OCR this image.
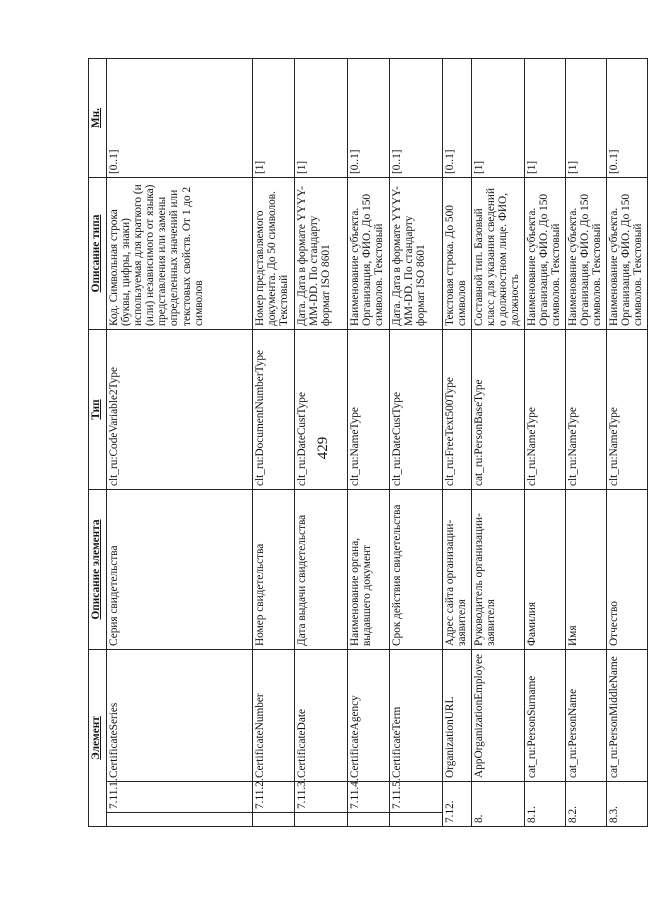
429
Элемент			Описание элемента	Тип	Описание типа	Мн.
	7.11.1.	CertificateSeries	Серия свидетельства	clt_ru:CodeVariable2Type	Код. Символьная строка (буквы, цифры, знаки) используемая для краткого (и (или) независимого от языка) представления или замены определенных значений или текстовых свойств. От 1 до 2 символов	[0..1]
	7.11.2.	CertificateNumber	Номер свидетельства	clt_ru:DocumentNumberType	Номер представляемого документа. До 50 символов. Текстовый	[1]
	7.11.3.	CertificateDate	Дата выдачи свидетельства	clt_ru:DateCustType	Дата. Дата в формате YYYY-MM-DD. По стандарту формат ISO 8601	[1]
	7.11.4.	CertificateAgency	Наименование органа, выдавшего документ	clt_ru:NameType	Наименование субъекта. Организация, ФИО. До 150 символов. Текстовый	[0..1]
	7.11.5.	CertificateTerm	Срок действия свидетельства	clt_ru:DateCustType	Дата. Дата в формате YYYY-MM-DD. По стандарту формат ISO 8601	[0..1]
7.12.		OrganizationURL	Адрес сайта организации-заявителя	clt_ru:FreeText500Type	Текстовая строка. До 500 символов	[0..1]
8.		AppOrganizationEmployee	Руководитель организации-заявителя	cat_ru:PersonBaseType	Составной тип. Базовый класс для указания сведений о должностном лице. ФИО, должность	[1]
8.1.		cat_ru:PersonSurname	Фамилия	clt_ru:NameType	Наименование субъекта. Организация, ФИО. До 150 символов. Текстовый	[1]
8.2.		cat_ru:PersonName	Имя	clt_ru:NameType	Наименование субъекта. Организация, ФИО. До 150 символов. Текстовый	[1]
8.3.		cat_ru:PersonMiddleName	Отчество	clt_ru:NameType	Наименование субъекта. Организация, ФИО. До 150 символов. Текстовый	[0..1]
